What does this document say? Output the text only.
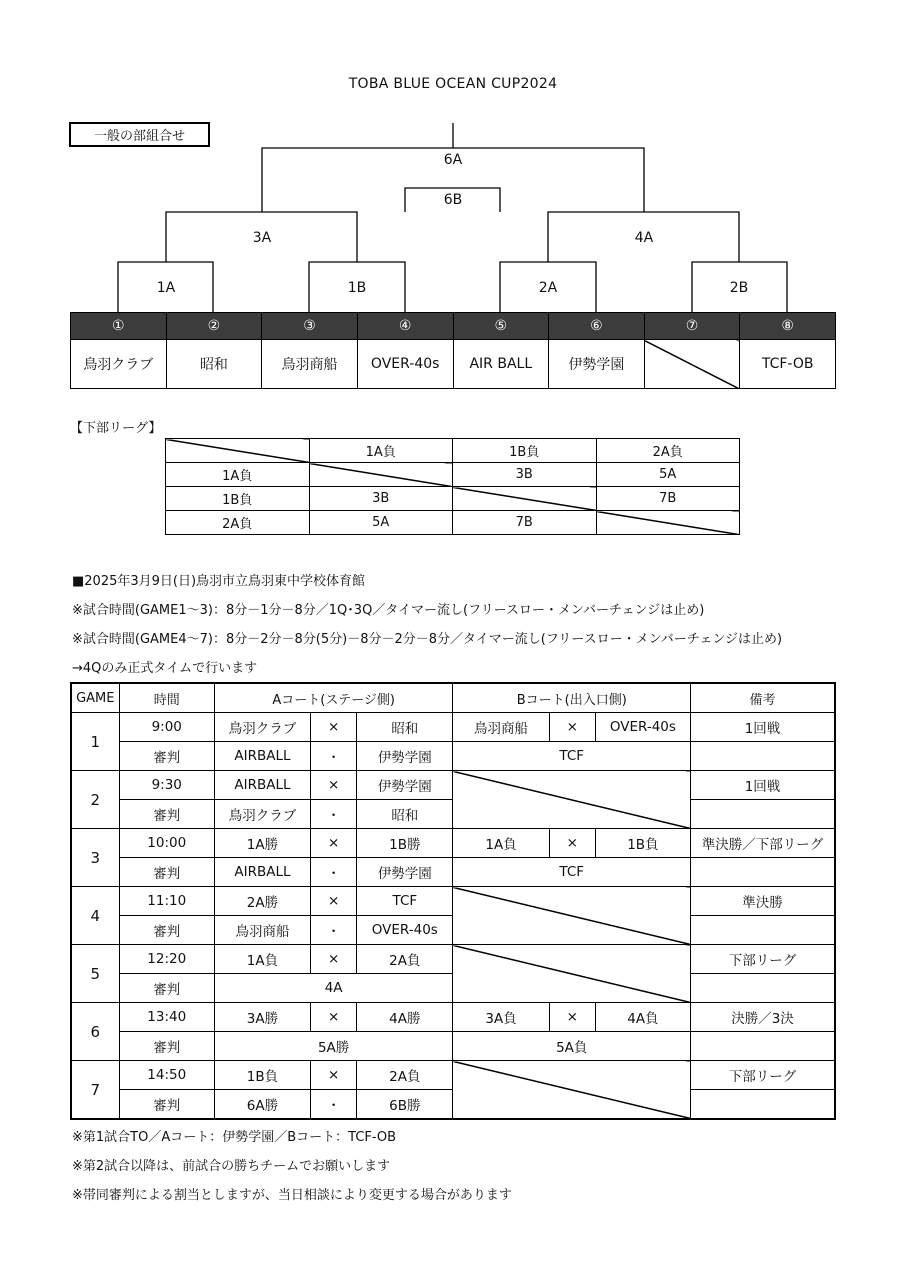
TOBA BLUE OCEAN CUP2024
一般の部組合せ
6A
6B
3A	4A
1A	1B	2A	2B
①	②	③	④	⑤	⑥	⑦	⑧
鳥羽クラブ	昭和	鳥羽商船	OVER-40s	AIR BALL	伊勢学園		TCF-OB
【下部リーグ】
	1A負	1B負	2A負
1A負		3B	5A
1B負	3B		7B
2A負	5A	7B	
■2025年3月9日(日)鳥羽市立鳥羽東中学校体育館
※試合時間(GAME1～3)：8分－1分－8分／1Q･3Q／タイマー流し(フリースロー・メンバーチェンジは止め)
※試合時間(GAME4～7)：8分－2分－8分(5分)－8分－2分－8分／タイマー流し(フリースロー・メンバーチェンジは止め)
→4Qのみ正式タイムで行います
GAME	時間	Aコート(ステージ側)			Bコート(出入口側)			備考
1	9:00	鳥羽クラブ	×	昭和	鳥羽商船	×	OVER-40s	1回戦
	審判	AIRBALL	･	伊勢学園	TCF			
2	9:30	AIRBALL	×	伊勢学園				1回戦
	審判	鳥羽クラブ	･	昭和				
3	10:00	1A勝	×	1B勝	1A負	×	1B負	準決勝／下部リーグ
	審判	AIRBALL	･	伊勢学園	TCF			
4	11:10	2A勝	×	TCF				準決勝
	審判	鳥羽商船	･	OVER-40s				
5	12:20	1A負	×	2A負				下部リーグ
	審判	4A						
6	13:40	3A勝	×	4A勝	3A負	×	4A負	決勝／3決
	審判	5A勝			5A負			
7	14:50	1B負	×	2A負				下部リーグ
	審判	6A勝	･	6B勝				
※第1試合TO／Aコート：伊勢学園／Bコート：TCF-OB
※第2試合以降は、前試合の勝ちチームでお願いします
※帯同審判による割当としますが、当日相談により変更する場合があります
